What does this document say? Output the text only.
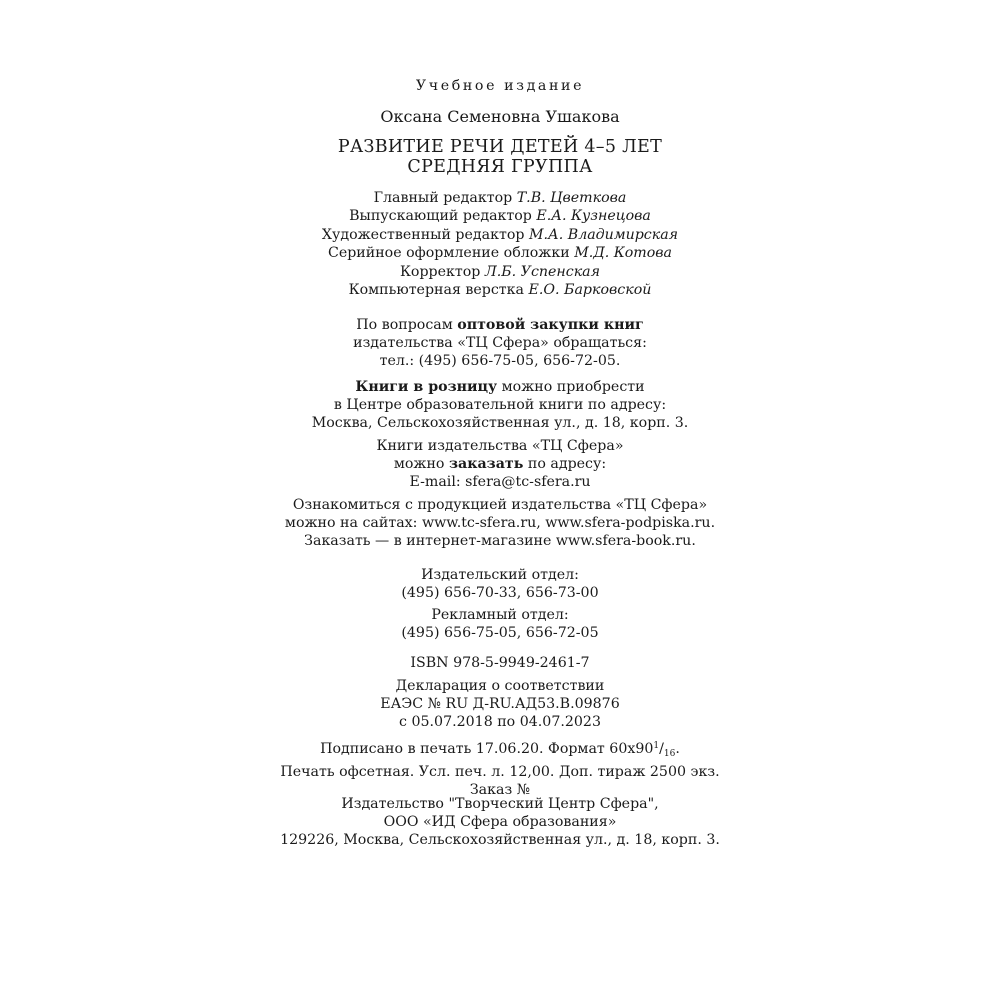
Учебное издание
Оксана Семеновна Ушакова
РАЗВИТИЕ РЕЧИ ДЕТЕЙ 4–5 ЛЕТ
СРЕДНЯЯ ГРУППА
Главный редактор Т.В. Цветкова
Выпускающий редактор Е.А. Кузнецова
Художественный редактор М.А. Владимирская
Серийное оформление обложки М.Д. Котова
Корректор Л.Б. Успенская
Компьютерная верстка Е.О. Барковской
По вопросам оптовой закупки книг
издательства «ТЦ Сфера» обращаться:
тел.: (495) 656-75-05, 656-72-05.
Книги в розницу можно приобрести
в Центре образовательной книги по адресу:
Москва, Сельскохозяйственная ул., д. 18, корп. 3.
Книги издательства «ТЦ Сфера»
можно заказать по адресу:
E-mail: sfera@tc-sfera.ru
Ознакомиться с продукцией издательства «ТЦ Сфера»
можно на сайтах: www.tc-sfera.ru, www.sfera-podpiska.ru.
Заказать — в интернет-магазине www.sfera-book.ru.
Издательский отдел:
(495) 656-70-33, 656-73-00
Рекламный отдел:
(495) 656-75-05, 656-72-05
ISBN 978-5-9949-2461-7
Декларация о соответствии
ЕАЭС № RU Д-RU.АД53.В.09876
с 05.07.2018 по 04.07.2023
Подписано в печать 17.06.20. Формат $60x90^1/_{16}$.
Печать офсетная. Усл. печ. л. 12,00. Доп. тираж 2500 экз.
Заказ №
Издательство "Творческий Центр Сфера",
ООО «ИД Сфера образования»
129226, Москва, Сельскохозяйственная ул., д. 18, корп. 3.
